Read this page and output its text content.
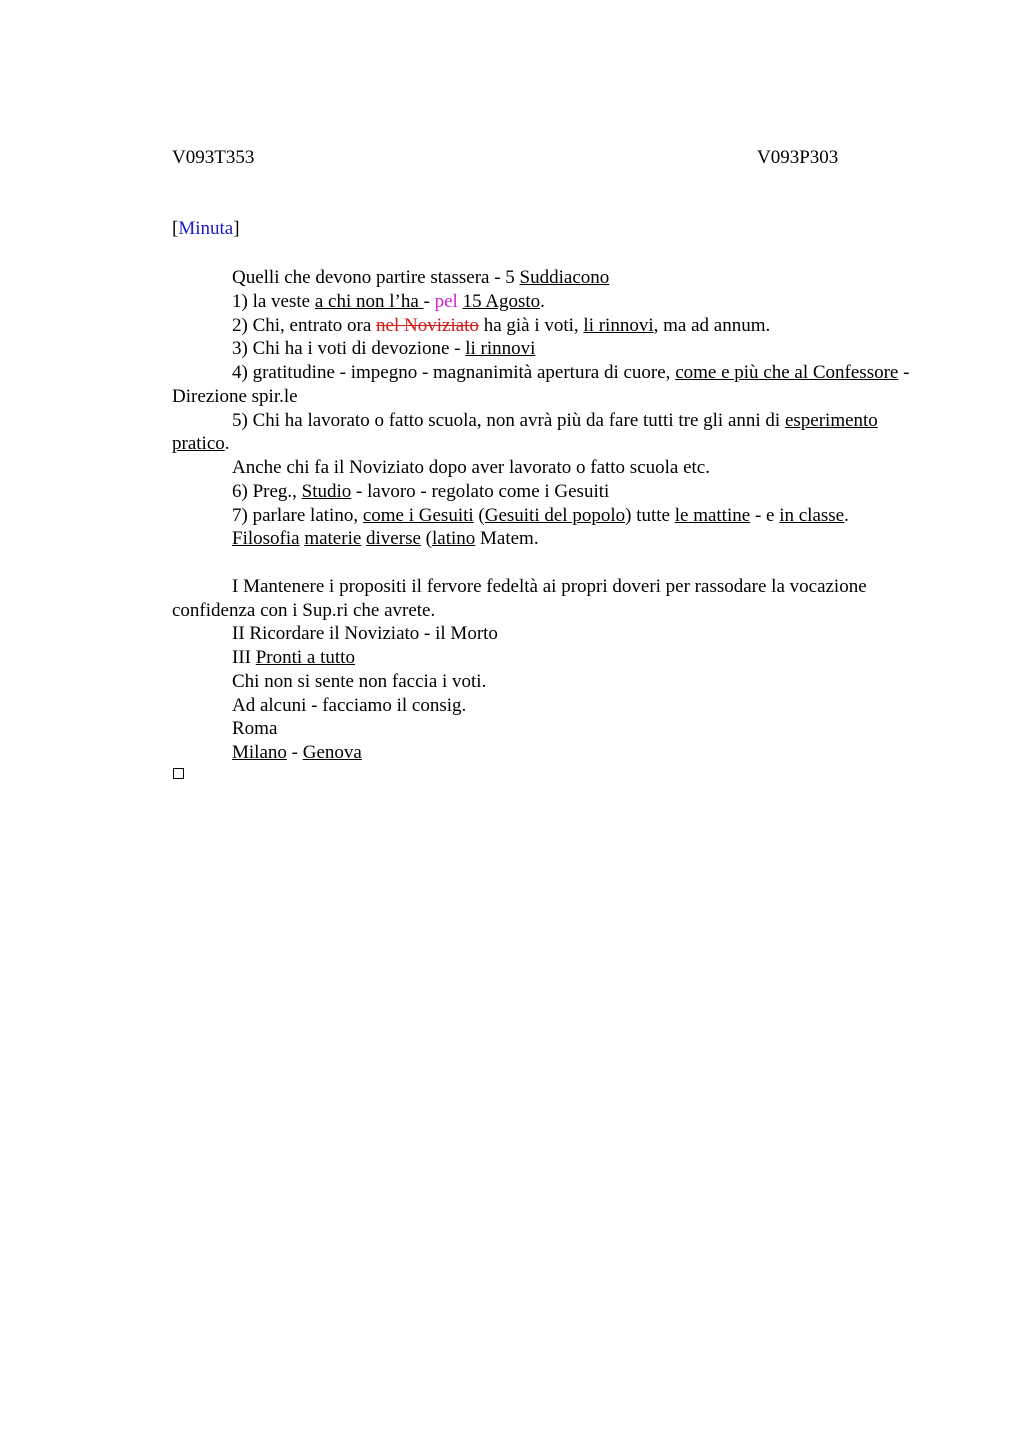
V093T353	V093P303
[Minuta]

Quelli che devono partire stassera - 5 Suddiacono

1) la veste a chi non l’ha - pel 15 Agosto.

2) Chi, entrato ora nel Noviziato ha già i voti, li rinnovi, ma ad annum.

3) Chi ha i voti di devozione - li rinnovi

4) gratitudine - impegno - magnanimità apertura di cuore, come e più che al Confessore - Direzione spir.le

5) Chi ha lavorato o fatto scuola, non avrà più da fare tutti tre gli anni di esperimento pratico.

Anche chi fa il Noviziato dopo aver lavorato o fatto scuola etc.

6) Preg., Studio - lavoro - regolato come i Gesuiti

7) parlare latino, come i Gesuiti (Gesuiti del popolo) tutte le mattine - e in classe.

Filosofia materie diverse (latino Matem.

I Mantenere i propositi il fervore fedeltà ai propri doveri per rassodare la vocazione confidenza con i Sup.ri che avrete.

II Ricordare il Noviziato - il Morto

III Pronti a tutto

Chi non si sente non faccia i voti.

Ad alcuni - facciamo il consig.

Roma

Milano - Genova
